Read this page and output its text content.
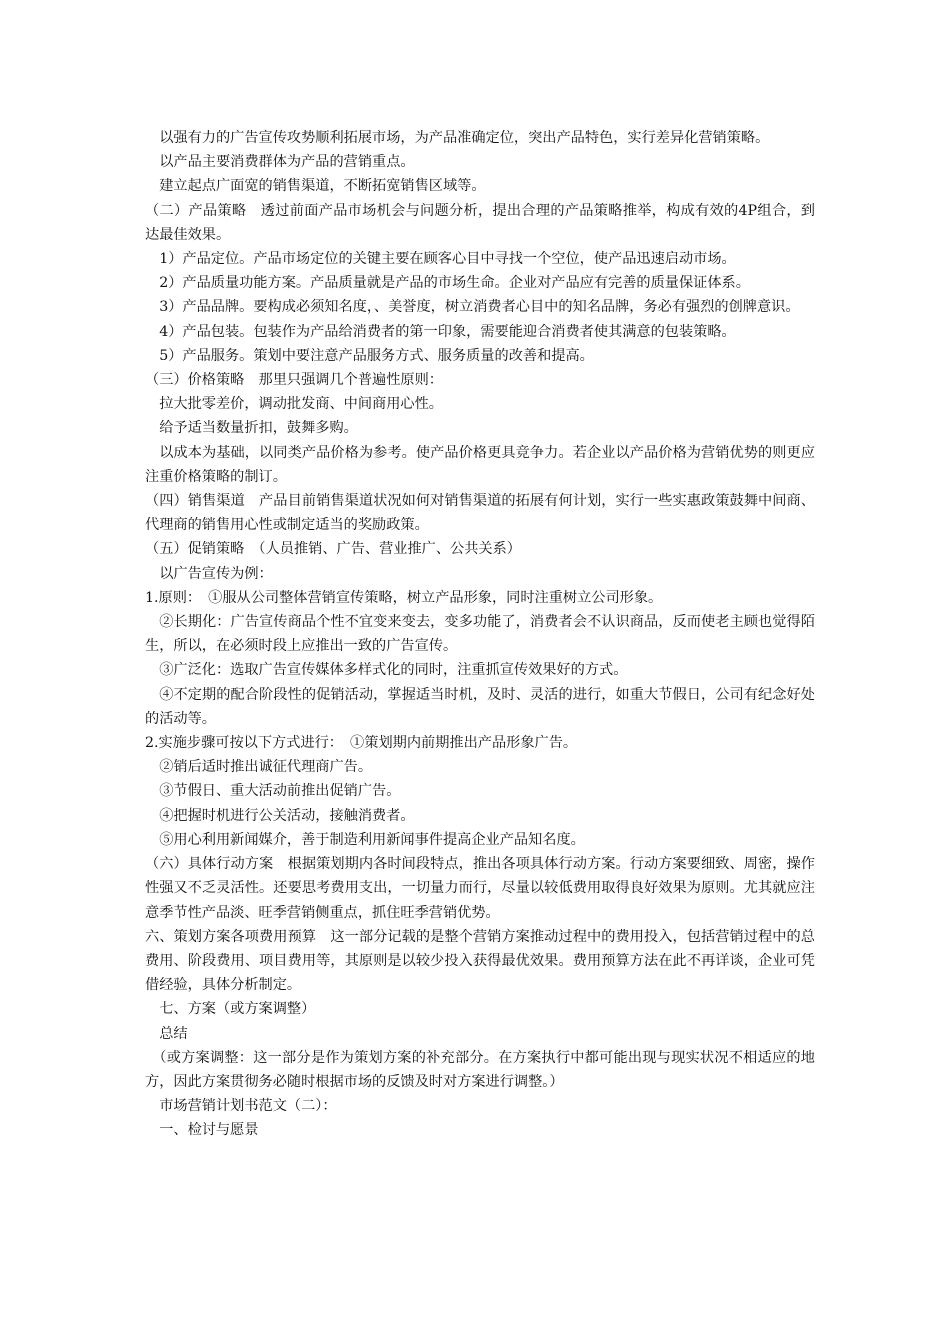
　以强有力的广告宣传攻势顺利拓展市场，为产品准确定位，突出产品特色，实行差异化营销策略。

　以产品主要消费群体为产品的营销重点。

　建立起点广面宽的销售渠道，不断拓宽销售区域等。

（二）产品策略　透过前面产品市场机会与问题分析，提出合理的产品策略推举，构成有效的4P组合，到达最佳效果。

　1）产品定位。产品市场定位的关键主要在顾客心目中寻找一个空位，使产品迅速启动市场。

　2）产品质量功能方案。产品质量就是产品的市场生命。企业对产品应有完善的质量保证体系。

　3）产品品牌。要构成必须知名度，、美誉度，树立消费者心目中的知名品牌，务必有强烈的创牌意识。

　4）产品包装。包装作为产品给消费者的第一印象，需要能迎合消费者使其满意的包装策略。

　5）产品服务。策划中要注意产品服务方式、服务质量的改善和提高。

（三）价格策略　那里只强调几个普遍性原则：

　拉大批零差价，调动批发商、中间商用心性。

　给予适当数量折扣，鼓舞多购。

　以成本为基础，以同类产品价格为参考。使产品价格更具竞争力。若企业以产品价格为营销优势的则更应注重价格策略的制订。

（四）销售渠道　产品目前销售渠道状况如何对销售渠道的拓展有何计划，实行一些实惠政策鼓舞中间商、代理商的销售用心性或制定适当的奖励政策。

（五）促销策略　（人员推销、广告、营业推广、公共关系）

　以广告宣传为例：

1.原则：　①服从公司整体营销宣传策略，树立产品形象，同时注重树立公司形象。

　②长期化：广告宣传商品个性不宜变来变去，变多功能了，消费者会不认识商品，反而使老主顾也觉得陌生，所以，在必须时段上应推出一致的广告宣传。

　③广泛化：选取广告宣传媒体多样式化的同时，注重抓宣传效果好的方式。

　④不定期的配合阶段性的促销活动，掌握适当时机，及时、灵活的进行，如重大节假日，公司有纪念好处的活动等。

2.实施步骤可按以下方式进行：　①策划期内前期推出产品形象广告。

　②销后适时推出诚征代理商广告。

　③节假日、重大活动前推出促销广告。

　④把握时机进行公关活动，接触消费者。

　⑤用心利用新闻媒介，善于制造利用新闻事件提高企业产品知名度。

（六）具体行动方案　根据策划期内各时间段特点，推出各项具体行动方案。行动方案要细致、周密，操作性强又不乏灵活性。还要思考费用支出，一切量力而行，尽量以较低费用取得良好效果为原则。尤其就应注意季节性产品淡、旺季营销侧重点，抓住旺季营销优势。

六、策划方案各项费用预算　这一部分记载的是整个营销方案推动过程中的费用投入，包括营销过程中的总费用、阶段费用、项目费用等，其原则是以较少投入获得最优效果。费用预算方法在此不再详谈，企业可凭借经验，具体分析制定。

　七、方案（或方案调整）

　总结

　（或方案调整：这一部分是作为策划方案的补充部分。在方案执行中都可能出现与现实状况不相适应的地方，因此方案贯彻务必随时根据市场的反馈及时对方案进行调整。）

　市场营销计划书范文（二）：

　一、检讨与愿景
